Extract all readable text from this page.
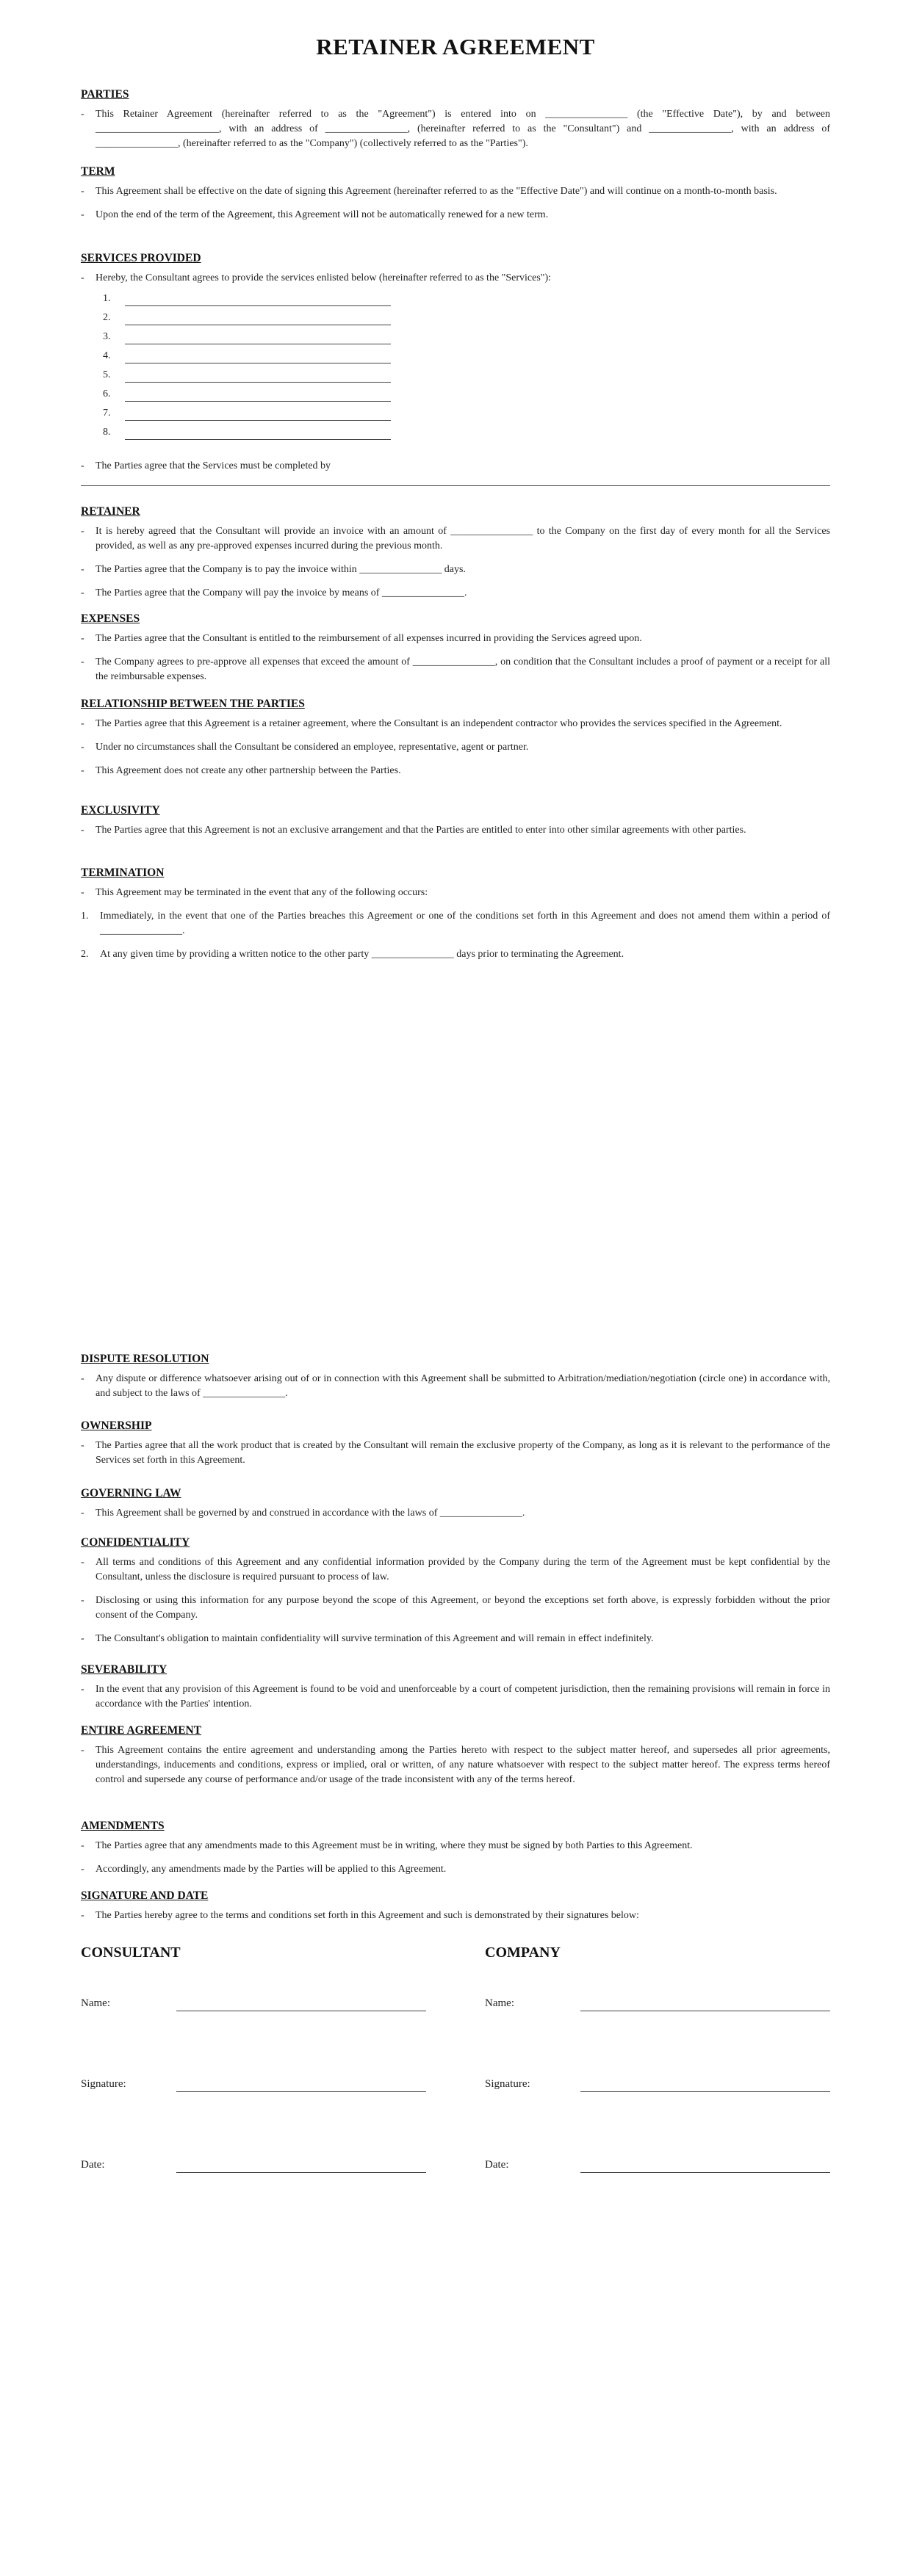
RETAINER AGREEMENT
PARTIES
- This Retainer Agreement (hereinafter referred to as the "Agreement") is entered into on ________________ (the "Effective Date"), by and between ________________________, with an address of ________________, (hereinafter referred to as the "Consultant") and ________________, with an address of ________________, (hereinafter referred to as the "Company") (collectively referred to as the "Parties").
TERM
- This Agreement shall be effective on the date of signing this Agreement (hereinafter referred to as the "Effective Date") and will continue on a month-to-month basis.
- Upon the end of the term of the Agreement, this Agreement will not be automatically renewed for a new term.
SERVICES PROVIDED
- Hereby, the Consultant agrees to provide the services enlisted below (hereinafter referred to as the "Services"):
1.
2.
3.
4.
5.
6.
7.
8.
- The Parties agree that the Services must be completed by
RETAINER
- It is hereby agreed that the Consultant will provide an invoice with an amount of ________________ to the Company on the first day of every month for all the Services provided, as well as any pre-approved expenses incurred during the previous month.
- The Parties agree that the Company is to pay the invoice within ________________ days.
- The Parties agree that the Company will pay the invoice by means of ________________.
EXPENSES
- The Parties agree that the Consultant is entitled to the reimbursement of all expenses incurred in providing the Services agreed upon.
- The Company agrees to pre-approve all expenses that exceed the amount of ________________, on condition that the Consultant includes a proof of payment or a receipt for all the reimbursable expenses.
RELATIONSHIP BETWEEN THE PARTIES
- The Parties agree that this Agreement is a retainer agreement, where the Consultant is an independent contractor who provides the services specified in the Agreement.
- Under no circumstances shall the Consultant be considered an employee, representative, agent or partner.
- This Agreement does not create any other partnership between the Parties.
EXCLUSIVITY
- The Parties agree that this Agreement is not an exclusive arrangement and that the Parties are entitled to enter into other similar agreements with other parties.
TERMINATION
- This Agreement may be terminated in the event that any of the following occurs:
1. Immediately, in the event that one of the Parties breaches this Agreement or one of the conditions set forth in this Agreement and does not amend them within a period of ________________.
2. At any given time by providing a written notice to the other party ________________ days prior to terminating the Agreement.
DISPUTE RESOLUTION
- Any dispute or difference whatsoever arising out of or in connection with this Agreement shall be submitted to Arbitration/mediation/negotiation (circle one) in accordance with, and subject to the laws of ________________.
OWNERSHIP
- The Parties agree that all the work product that is created by the Consultant will remain the exclusive property of the Company, as long as it is relevant to the performance of the Services set forth in this Agreement.
GOVERNING LAW
- This Agreement shall be governed by and construed in accordance with the laws of ________________.
CONFIDENTIALITY
- All terms and conditions of this Agreement and any confidential information provided by the Company during the term of the Agreement must be kept confidential by the Consultant, unless the disclosure is required pursuant to process of law.
- Disclosing or using this information for any purpose beyond the scope of this Agreement, or beyond the exceptions set forth above, is expressly forbidden without the prior consent of the Company.
- The Consultant's obligation to maintain confidentiality will survive termination of this Agreement and will remain in effect indefinitely.
SEVERABILITY
- In the event that any provision of this Agreement is found to be void and unenforceable by a court of competent jurisdiction, then the remaining provisions will remain in force in accordance with the Parties' intention.
ENTIRE AGREEMENT
- This Agreement contains the entire agreement and understanding among the Parties hereto with respect to the subject matter hereof, and supersedes all prior agreements, understandings, inducements and conditions, express or implied, oral or written, of any nature whatsoever with respect to the subject matter hereof. The express terms hereof control and supersede any course of performance and/or usage of the trade inconsistent with any of the terms hereof.
AMENDMENTS
- The Parties agree that any amendments made to this Agreement must be in writing, where they must be signed by both Parties to this Agreement.
- Accordingly, any amendments made by the Parties will be applied to this Agreement.
SIGNATURE AND DATE
- The Parties hereby agree to the terms and conditions set forth in this Agreement and such is demonstrated by their signatures below:
CONSULTANT
Name:
Signature:
Date:
COMPANY
Name:
Signature:
Date:
